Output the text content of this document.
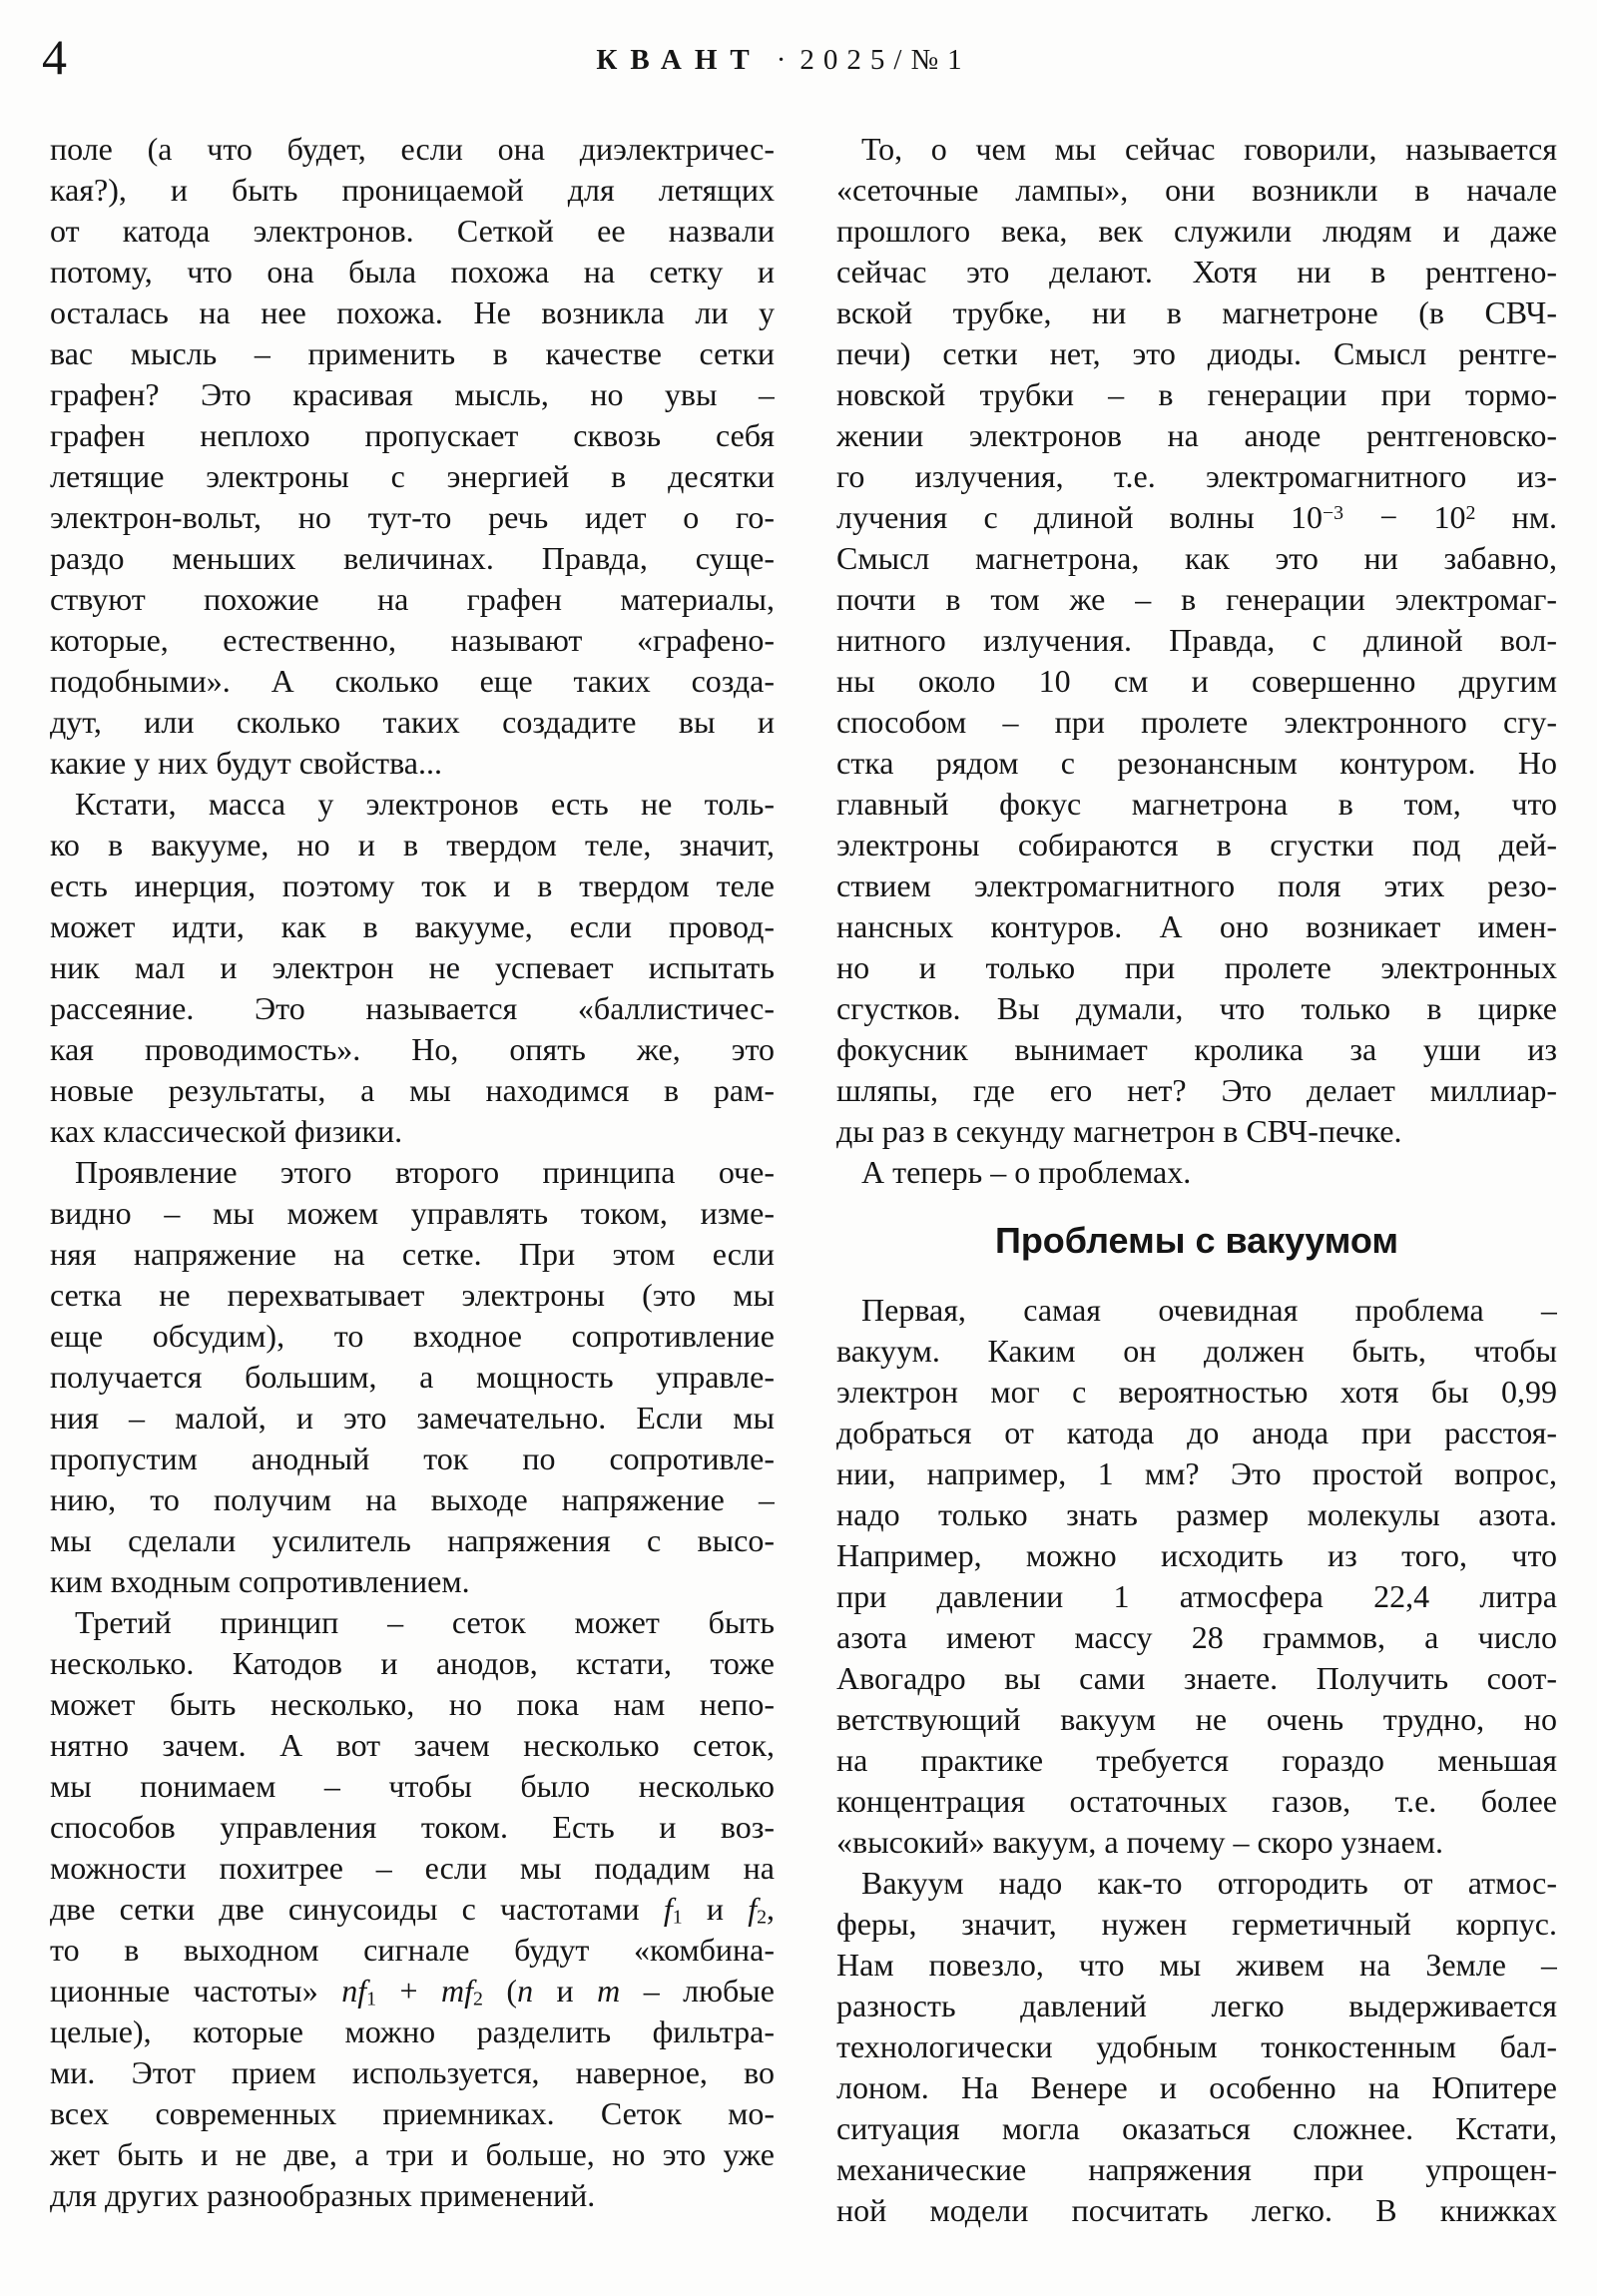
4	КВАНТ · 2025/№1
поле (а что будет, если она диэлектричес-
кая?), и быть проницаемой для летящих
от катода электронов. Сеткой ее назвали
потому, что она была похожа на сетку и
осталась на нее похожа. Не возникла ли у
вас мысль – применить в качестве сетки
графен? Это красивая мысль, но увы –
графен неплохо пропускает сквозь себя
летящие электроны с энергией в десятки
электрон-вольт, но тут-то речь идет о го-
раздо меньших величинах. Правда, суще-
ствуют похожие на графен материалы,
которые, естественно, называют «графено-
подобными». А сколько еще таких созда-
дут, или сколько таких создадите вы и
какие у них будут свойства...
Кстати, масса у электронов есть не толь-
ко в вакууме, но и в твердом теле, значит,
есть инерция, поэтому ток и в твердом теле
может идти, как в вакууме, если провод-
ник мал и электрон не успевает испытать
рассеяние. Это называется «баллистичес-
кая проводимость». Но, опять же, это
новые результаты, а мы находимся в рам-
ках классической физики.
Проявление этого второго принципа оче-
видно – мы можем управлять током, изме-
няя напряжение на сетке. При этом если
сетка не перехватывает электроны (это мы
еще обсудим), то входное сопротивление
получается большим, а мощность управле-
ния – малой, и это замечательно. Если мы
пропустим анодный ток по сопротивле-
нию, то получим на выходе напряжение –
мы сделали усилитель напряжения с высо-
ким входным сопротивлением.
Третий принцип – сеток может быть
несколько. Катодов и анодов, кстати, тоже
может быть несколько, но пока нам непо-
нятно зачем. А вот зачем несколько сеток,
мы понимаем – чтобы было несколько
способов управления током. Есть и воз-
можности похитрее – если мы подадим на
две сетки две синусоиды с частотами $f_1$ и $f_2$,
то в выходном сигнале будут «комбина-
ционные частоты» $nf_1 + mf_2$ (n и m – любые
целые), которые можно разделить фильтра-
ми. Этот прием используется, наверное, во
всех современных приемниках. Сеток мо-
жет быть и не две, а три и больше, но это уже
для других разнообразных применений.
То, о чем мы сейчас говорили, называется
«сеточные лампы», они возникли в начале
прошлого века, век служили людям и даже
сейчас это делают. Хотя ни в рентгено-
вской трубке, ни в магнетроне (в СВЧ-
печи) сетки нет, это диоды. Смысл рентге-
новской трубки – в генерации при тормо-
жении электронов на аноде рентгеновско-
го излучения, т.е. электромагнитного из-
лучения с длиной волны $10^{-3} - 10^2$ нм.
Смысл магнетрона, как это ни забавно,
почти в том же – в генерации электромаг-
нитного излучения. Правда, с длиной вол-
ны около 10 см и совершенно другим
способом – при пролете электронного сгу-
стка рядом с резонансным контуром. Но
главный фокус магнетрона в том, что
электроны собираются в сгустки под дей-
ствием электромагнитного поля этих резо-
нансных контуров. А оно возникает имен-
но и только при пролете электронных
сгустков. Вы думали, что только в цирке
фокусник вынимает кролика за уши из
шляпы, где его нет? Это делает миллиар-
ды раз в секунду магнетрон в СВЧ-печке.
А теперь – о проблемах.
Проблемы с вакуумом
Первая, самая очевидная проблема –
вакуум. Каким он должен быть, чтобы
электрон мог с вероятностью хотя бы 0,99
добраться от катода до анода при расстоя-
нии, например, 1 мм? Это простой вопрос,
надо только знать размер молекулы азота.
Например, можно исходить из того, что
при давлении 1 атмосфера 22,4 литра
азота имеют массу 28 граммов, а число
Авогадро вы сами знаете. Получить соот-
ветствующий вакуум не очень трудно, но
на практике требуется гораздо меньшая
концентрация остаточных газов, т.е. более
«высокий» вакуум, а почему – скоро узнаем.
Вакуум надо как-то отгородить от атмос-
феры, значит, нужен герметичный корпус.
Нам повезло, что мы живем на Земле –
разность давлений легко выдерживается
технологически удобным тонкостенным бал-
лоном. На Венере и особенно на Юпитере
ситуация могла оказаться сложнее. Кстати,
механические напряжения при упрощен-
ной модели посчитать легко. В книжках
